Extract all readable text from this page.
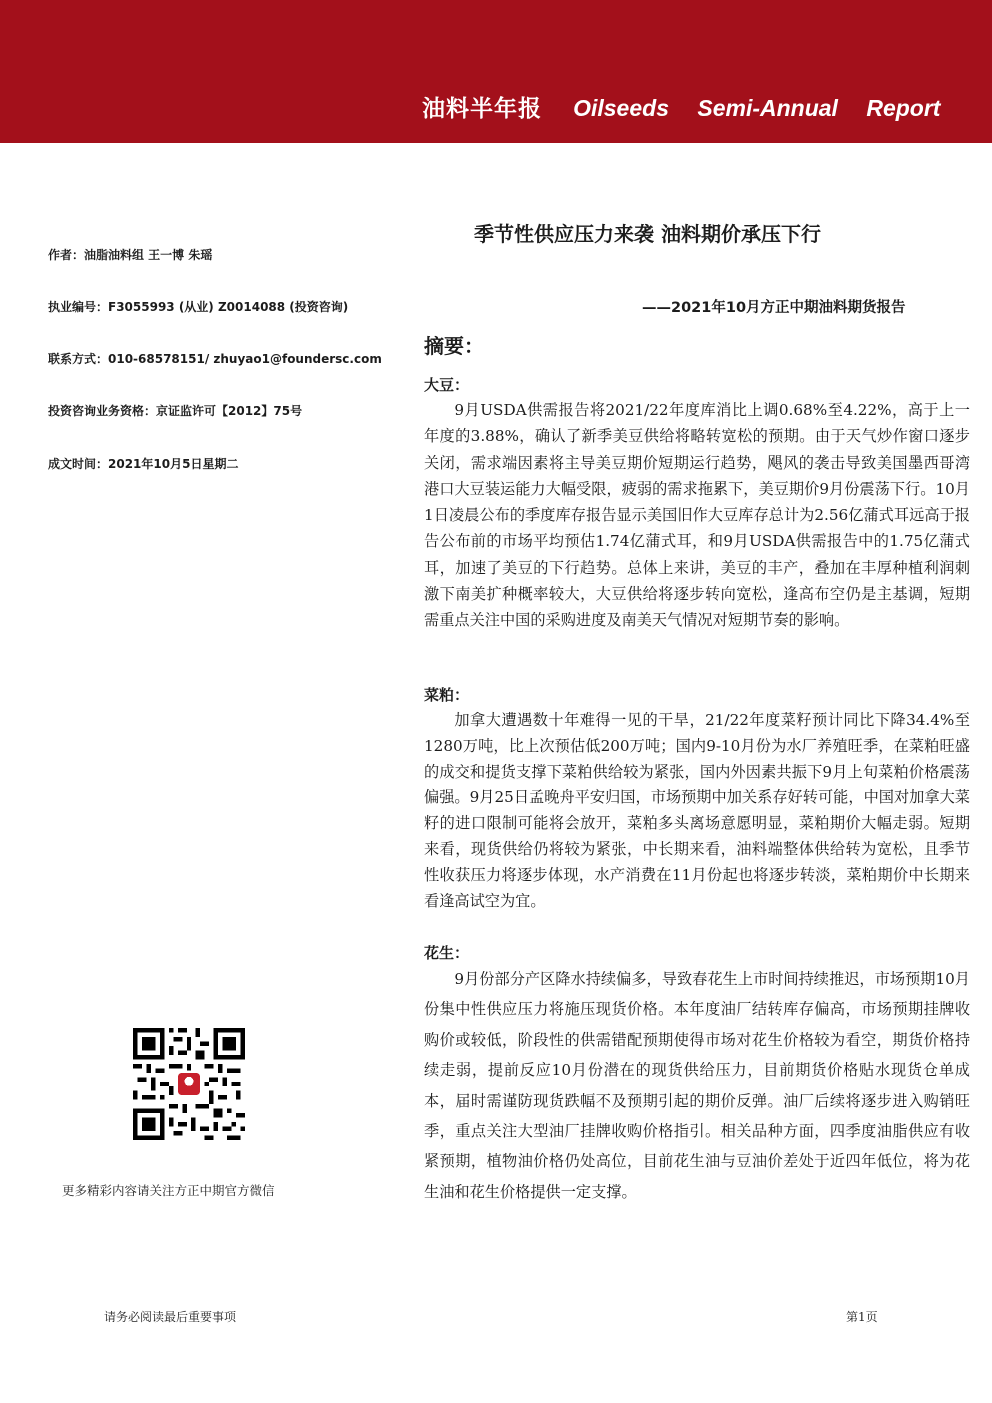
油料半年报 Oilseeds Semi-Annual Report
季节性供应压力来袭 油料期价承压下行
——2021年10月方正中期油料期货报告
作者：油脂油料组 王一博 朱瑶
执业编号：F3055993 (从业) Z0014088 (投资咨询)
联系方式：010-68578151/ zhuyao1@foundersc.com
投资咨询业务资格：京证监许可【2012】75号
成文时间：2021年10月5日星期二
摘要：
大豆：
9月USDA供需报告将2021/22年度库消比上调0.68%至4.22%，高于上一年度的3.88%，确认了新季美豆供给将略转宽松的预期。由于天气炒作窗口逐步关闭，需求端因素将主导美豆期价短期运行趋势，飓风的袭击导致美国墨西哥湾港口大豆装运能力大幅受限，疲弱的需求拖累下，美豆期价9月份震荡下行。10月1日凌晨公布的季度库存报告显示美国旧作大豆库存总计为2.56亿蒲式耳远高于报告公布前的市场平均预估1.74亿蒲式耳，和9月USDA供需报告中的1.75亿蒲式耳，加速了美豆的下行趋势。总体上来讲，美豆的丰产，叠加在丰厚种植利润刺激下南美扩种概率较大，大豆供给将逐步转向宽松，逢高布空仍是主基调，短期需重点关注中国的采购进度及南美天气情况对短期节奏的影响。
菜粕：
加拿大遭遇数十年难得一见的干旱，21/22年度菜籽预计同比下降34.4%至1280万吨，比上次预估低200万吨；国内9-10月份为水厂养殖旺季，在菜粕旺盛的成交和提货支撑下菜粕供给较为紧张，国内外因素共振下9月上旬菜粕价格震荡偏强。9月25日孟晚舟平安归国，市场预期中加关系存好转可能，中国对加拿大菜籽的进口限制可能将会放开，菜粕多头离场意愿明显，菜粕期价大幅走弱。短期来看，现货供给仍将较为紧张，中长期来看，油料端整体供给转为宽松，且季节性收获压力将逐步体现，水产消费在11月份起也将逐步转淡，菜粕期价中长期来看逢高试空为宜。
花生：
9月份部分产区降水持续偏多，导致春花生上市时间持续推迟，市场预期10月份集中性供应压力将施压现货价格。本年度油厂结转库存偏高，市场预期挂牌收购价或较低，阶段性的供需错配预期使得市场对花生价格较为看空，期货价格持续走弱，提前反应10月份潜在的现货供给压力，目前期货价格贴水现货仓单成本，届时需谨防现货跌幅不及预期引起的期价反弹。油厂后续将逐步进入购销旺季，重点关注大型油厂挂牌收购价格指引。相关品种方面，四季度油脂供应有收紧预期，植物油价格仍处高位，目前花生油与豆油价差处于近四年低位，将为花生油和花生价格提供一定支撑。
更多精彩内容请关注方正中期官方微信
请务必阅读最后重要事项	第1页
